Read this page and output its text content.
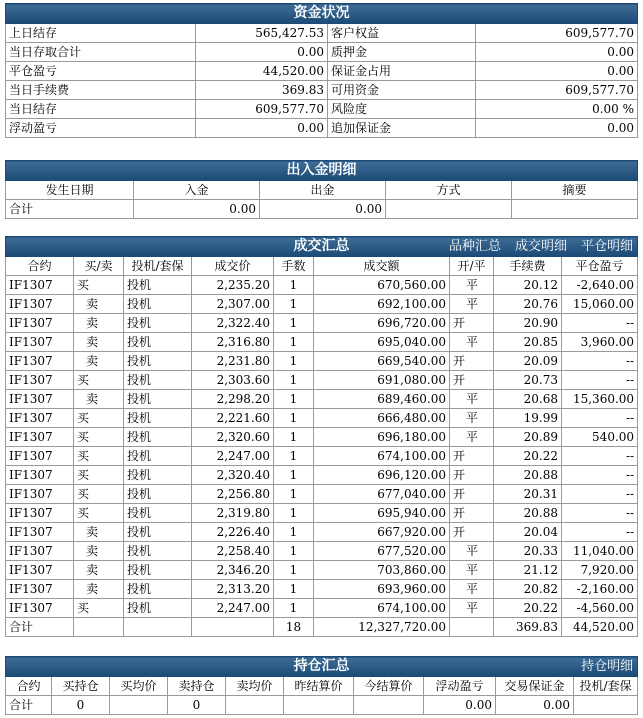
资金状况			
上日结存	565,427.53	客户权益	609,577.70
当日存取合计	0.00	质押金	0.00
平仓盈亏	44,520.00	保证金占用	0.00
当日手续费	369.83	可用资金	609,577.70
当日结存	609,577.70	风险度	0.00 %
浮动盈亏	0.00	追加保证金	0.00
出入金明细				
发生日期	入金	出金	方式	摘要
合计	0.00	0.00		
成交汇总 品种汇总 成交明细 平仓明细								

合约	买/卖	投机/套保	成交价	手数	成交额	开/平	手续费	平仓盈亏
IF1307	买	投机	2,235.20	1	670,560.00	平	20.12	-2,640.00
IF1307	卖	投机	2,307.00	1	692,100.00	平	20.76	15,060.00
IF1307	卖	投机	2,322.40	1	696,720.00	开	20.90	--
IF1307	卖	投机	2,316.80	1	695,040.00	平	20.85	3,960.00
IF1307	卖	投机	2,231.80	1	669,540.00	开	20.09	--
IF1307	买	投机	2,303.60	1	691,080.00	开	20.73	--
IF1307	卖	投机	2,298.20	1	689,460.00	平	20.68	15,360.00
IF1307	买	投机	2,221.60	1	666,480.00	平	19.99	--
IF1307	买	投机	2,320.60	1	696,180.00	平	20.89	540.00
IF1307	买	投机	2,247.00	1	674,100.00	开	20.22	--
IF1307	买	投机	2,320.40	1	696,120.00	开	20.88	--
IF1307	买	投机	2,256.80	1	677,040.00	开	20.31	--
IF1307	买	投机	2,319.80	1	695,940.00	开	20.88	--
IF1307	卖	投机	2,226.40	1	667,920.00	开	20.04	--
IF1307	卖	投机	2,258.40	1	677,520.00	平	20.33	11,040.00
IF1307	卖	投机	2,346.20	1	703,860.00	平	21.12	7,920.00
IF1307	卖	投机	2,313.20	1	693,960.00	平	20.82	-2,160.00
IF1307	买	投机	2,247.00	1	674,100.00	平	20.22	-4,560.00
合计				18	12,327,720.00		369.83	44,520.00
持仓汇总 持仓明细									

合约	买持仓	买均价	卖持仓	卖均价	昨结算价	今结算价	浮动盈亏	交易保证金	投机/套保
合计	0		0				0.00	0.00	
